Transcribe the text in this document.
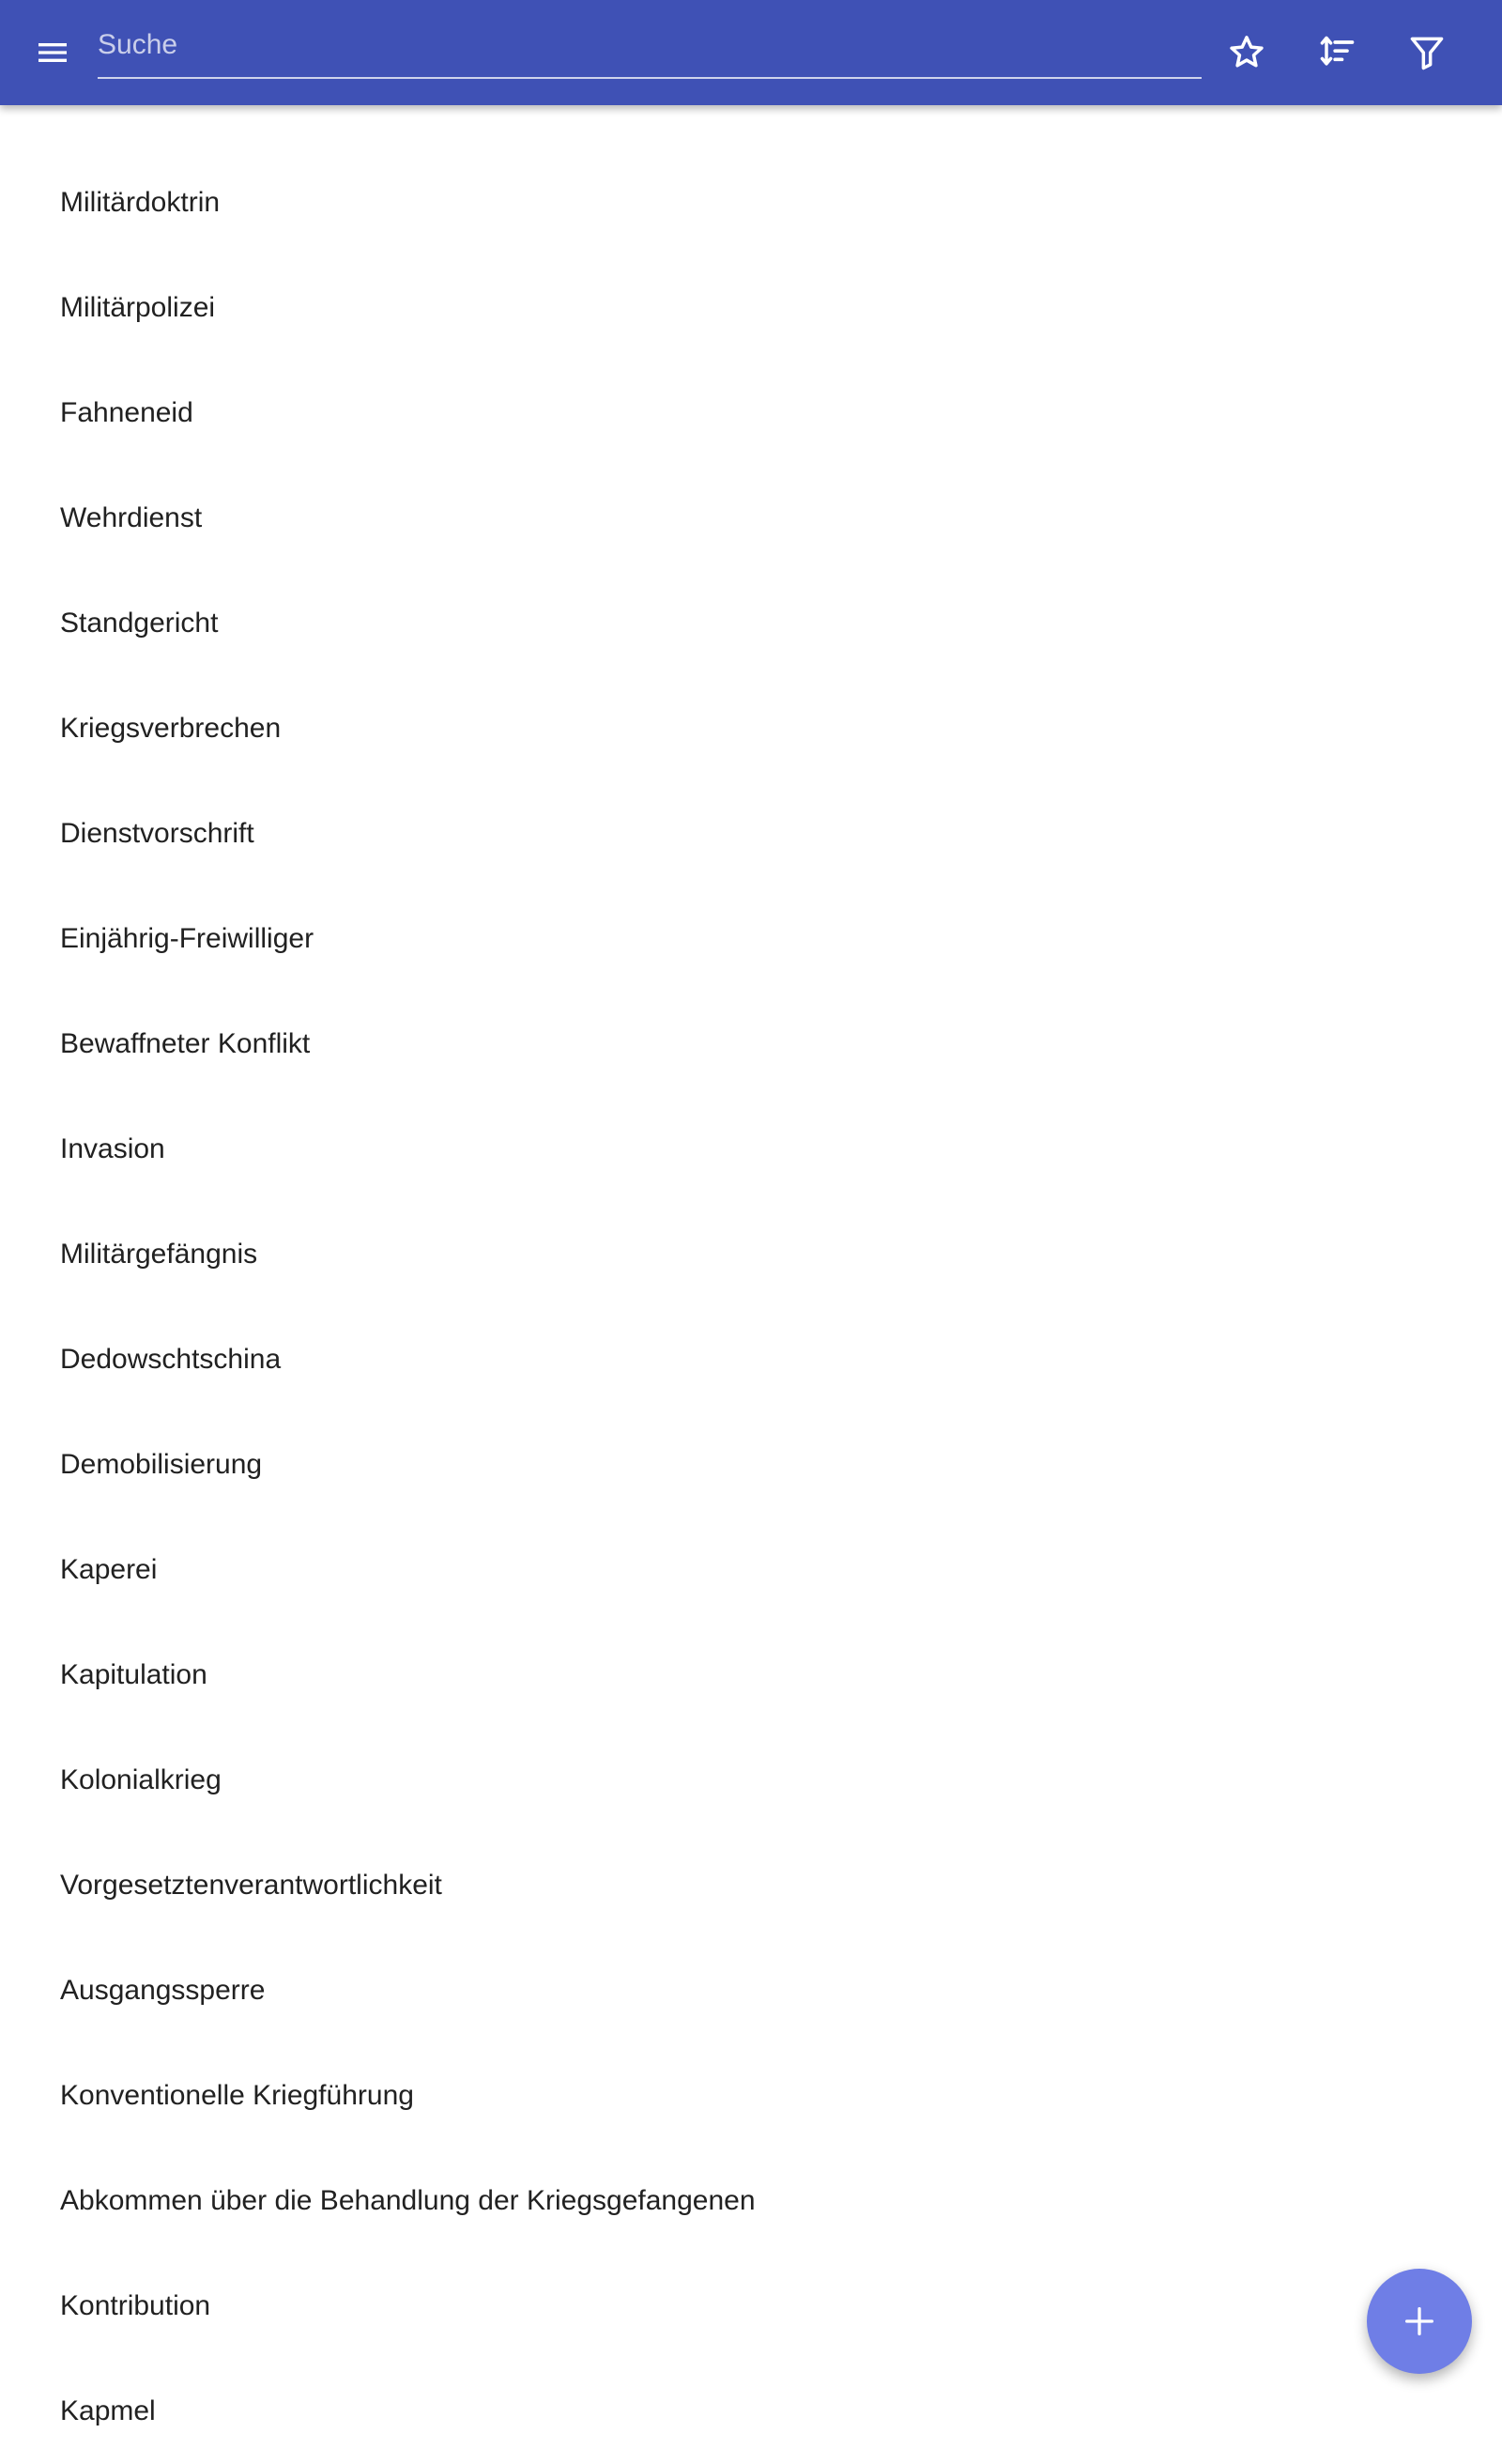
Suche
Militärdoktrin
Militärpolizei
Fahneneid
Wehrdienst
Standgericht
Kriegsverbrechen
Dienstvorschrift
Einjährig-Freiwilliger
Bewaffneter Konflikt
Invasion
Militärgefängnis
Dedowschtschina
Demobilisierung
Kaperei
Kapitulation
Kolonialkrieg
Vorgesetztenverantwortlichkeit
Ausgangssperre
Konventionelle Kriegführung
Abkommen über die Behandlung der Kriegsgefangenen
Kontribution
Kapmel
